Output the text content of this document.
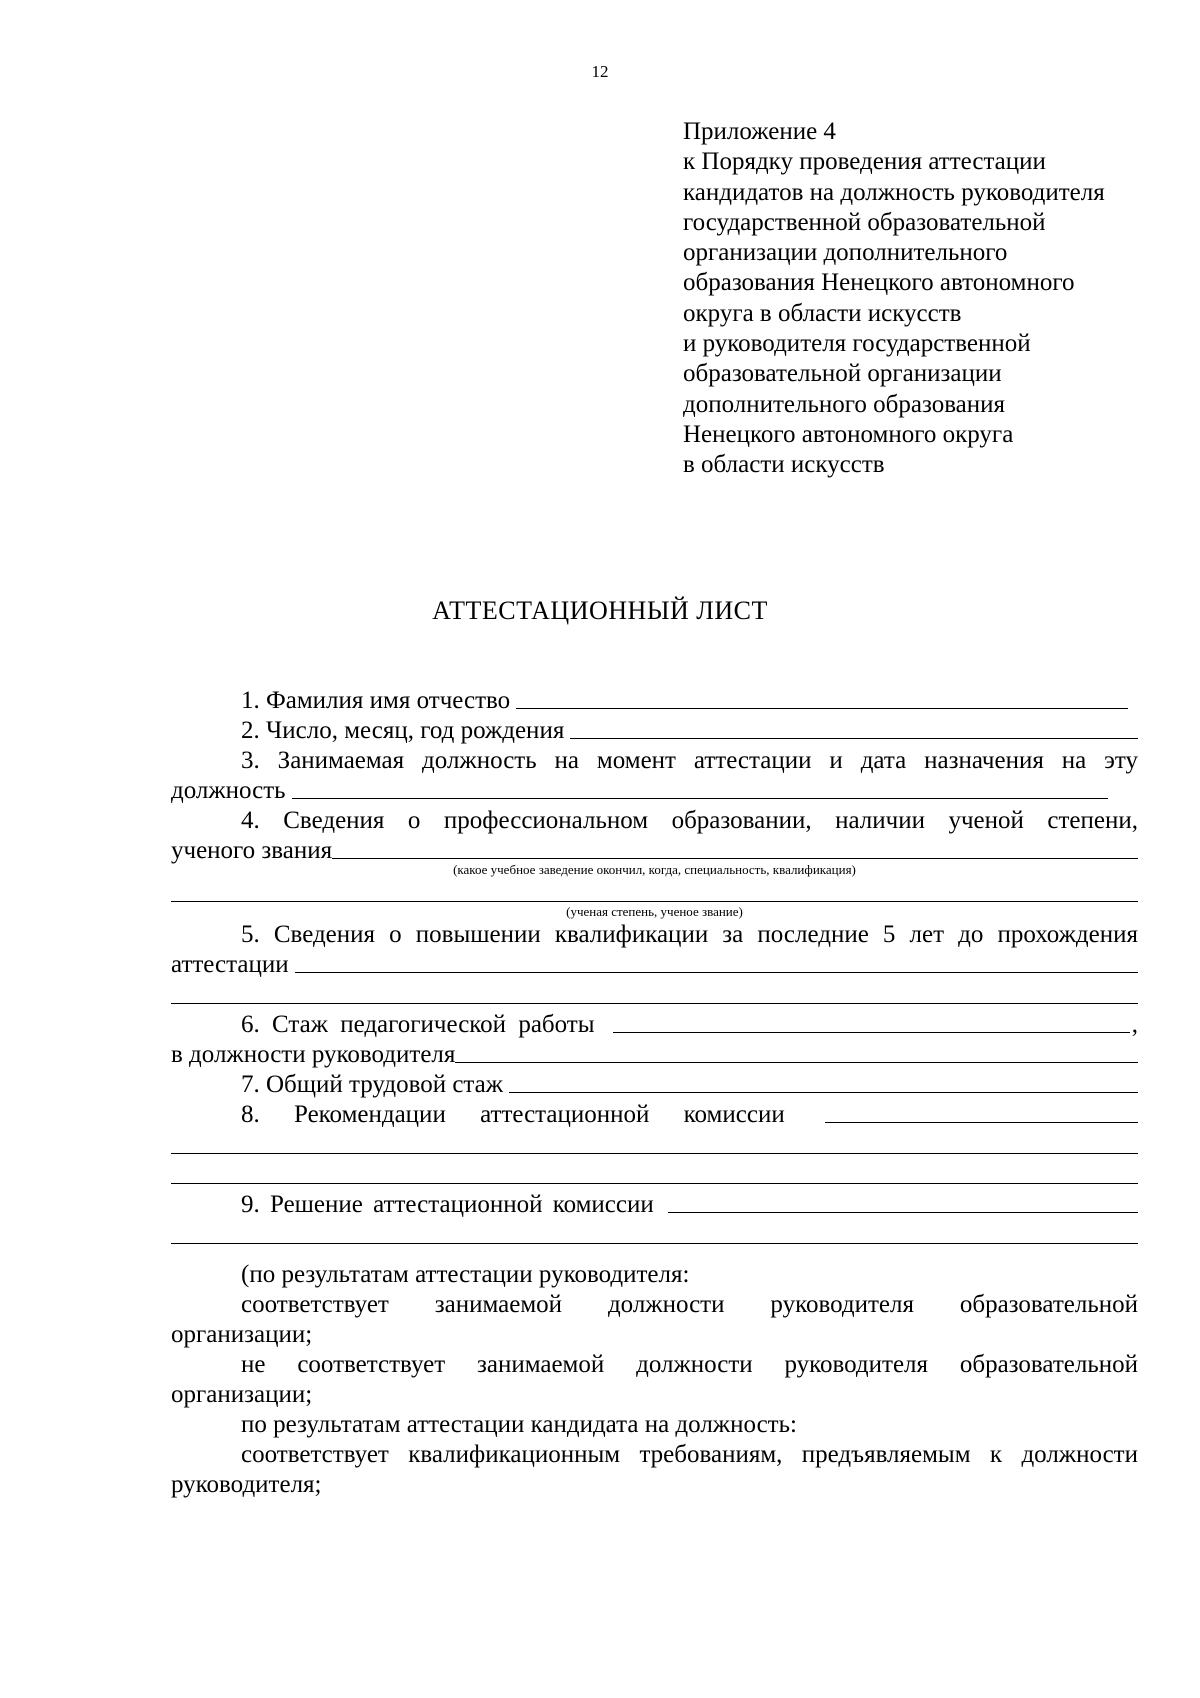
12
Приложение 4
к Порядку проведения аттестации
кандидатов на должность руководителя
государственной образовательной
организации дополнительного
образования Ненецкого автономного
округа в области искусств
и руководителя государственной
образовательной организации
дополнительного образования
Ненецкого автономного округа
в области искусств
АТТЕСТАЦИОННЫЙ ЛИСТ
1. Фамилия имя отчество
2. Число, месяц, год рождения
3. Занимаемая должность на момент аттестации и дата назначения на эту
должность
4. Сведения о профессиональном образовании, наличии ученой степени,
ученого звания
(какое учебное заведение окончил, когда, специальность, квалификация)
(ученая степень, ученое звание)
5. Сведения о повышении квалификации за последние 5 лет до прохождения
аттестации
6. Стаж педагогической работы	,
в должности руководителя
7. Общий трудовой стаж
8. Рекомендации аттестационной комиссии
9. Решение аттестационной комиссии
(по результатам аттестации руководителя:
соответствует занимаемой должности руководителя образовательной
организации;
не соответствует занимаемой должности руководителя образовательной
организации;
по результатам аттестации кандидата на должность:
соответствует квалификационным требованиям, предъявляемым к должности
руководителя;
